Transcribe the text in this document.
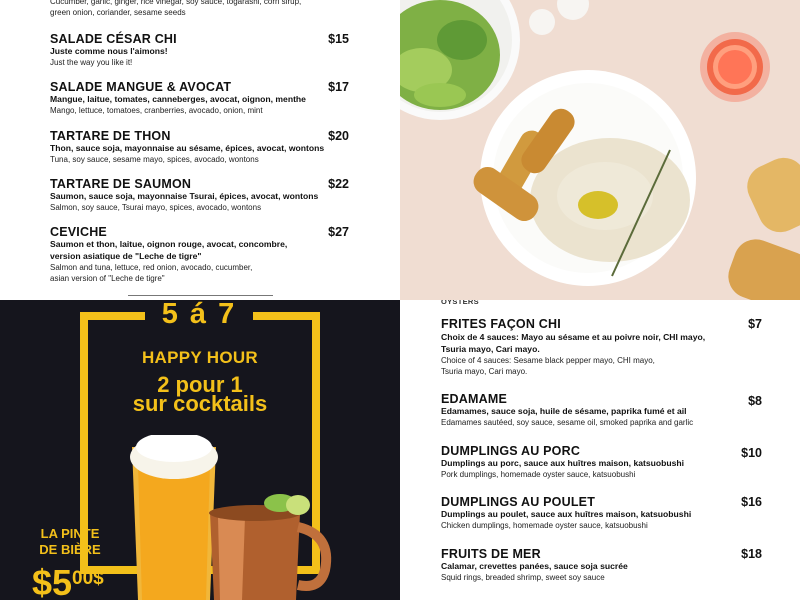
Cucumber, garlic, ginger, rice vinegar, soy sauce, togarashi, corn sirup,
green onion, coriander, sesame seeds
SALADE CÉSAR CHI	$15
Juste comme nous l'aimons!
Just the way you like it!
SALADE MANGUE & AVOCAT	$17
Mangue, laitue, tomates, canneberges, avocat, oignon, menthe
Mango, lettuce, tomatoes, cranberries, avocado, onion, mint
TARTARE DE THON	$20
Thon, sauce soja, mayonnaise au sésame, épices, avocat, wontons
Tuna, soy sauce, sesame mayo, spices, avocado, wontons
TARTARE DE SAUMON	$22
Saumon, sauce soja, mayonnaise Tsurai, épices, avocat, wontons
Salmon, soy sauce, Tsurai mayo, spices, avocado, wontons
CEVICHE	$27
Saumon et thon, laitue, oignon rouge, avocat, concombre,
version asiatique de "Leche de tigre"
Salmon and tuna, lettuce, red onion, avocado, cucumber,
asian version of "Leche de tigre"
5 á 7
HAPPY HOUR
2 pour 1
sur cocktails
LA PINTE
DE BIÈRE
$500$
OYSTERS
FRITES FAÇON CHI	$7
Choix de 4 sauces: Mayo au sésame et au poivre noir, CHI mayo,
Tsuria mayo, Cari mayo.
Choice of 4 sauces: Sesame black pepper mayo, CHI mayo,
Tsuria mayo, Cari mayo.
EDAMAME	$8
Edamames, sauce soja, huile de sésame, paprika fumé et ail
Edamames sautéed, soy sauce, sesame oil, smoked paprika and garlic
DUMPLINGS AU PORC	$10
Dumplings au porc, sauce aux huîtres maison, katsuobushi
Pork dumplings, homemade oyster sauce, katsuobushi
DUMPLINGS AU POULET	$16
Dumplings au poulet, sauce aux huîtres maison, katsuobushi
Chicken dumplings, homemade oyster sauce, katsuobushi
FRUITS DE MER	$18
Calamar, crevettes panées, sauce soja sucrée
Squid rings, breaded shrimp, sweet soy sauce
